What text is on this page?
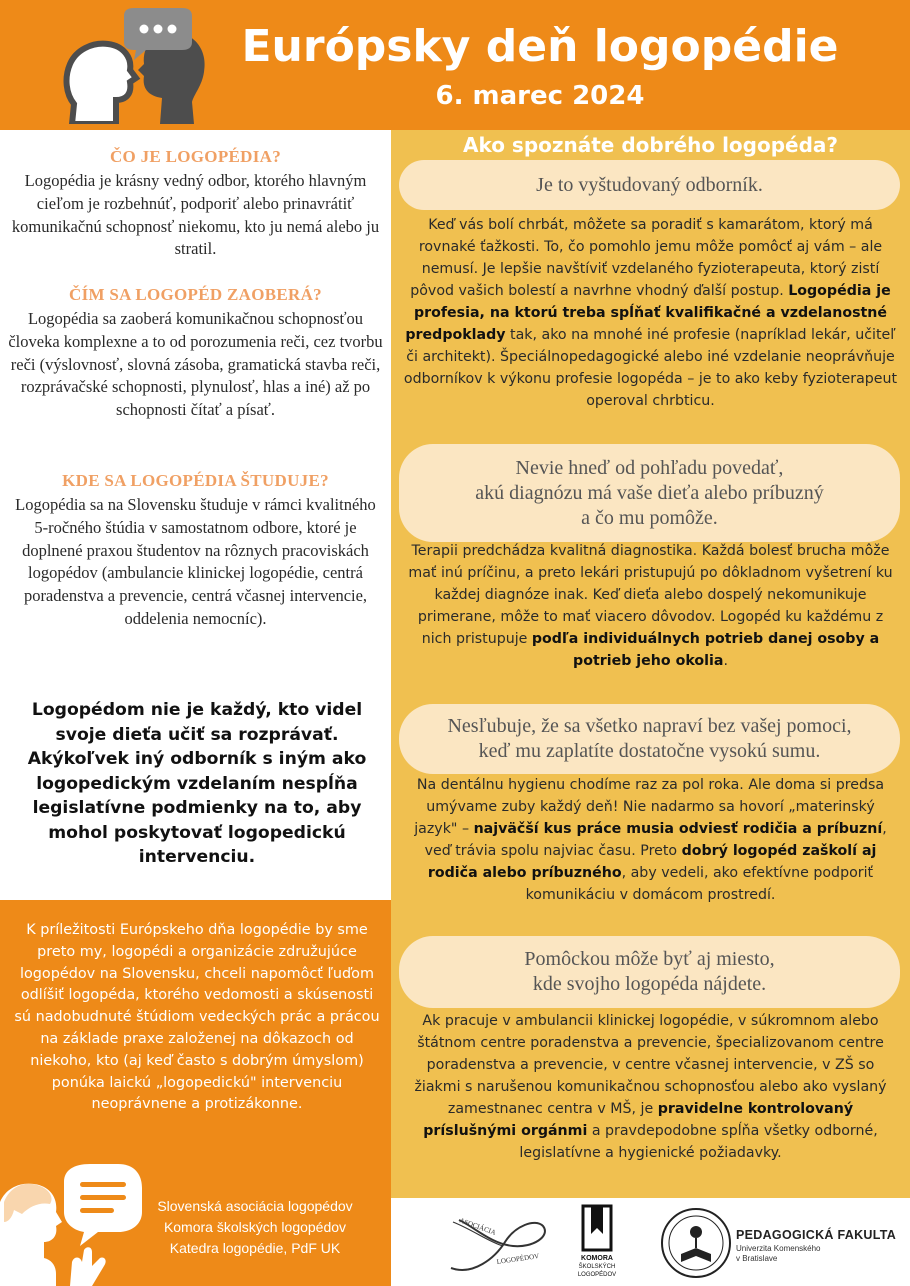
Európsky deň logopédie
6. marec 2024
ČO JE LOGOPÉDIA?

Logopédia je krásny vedný odbor, ktorého hlavným cieľom je rozbehnúť, podporiť alebo prinavrátiť komunikačnú schopnosť niekomu, kto ju nemá alebo ju stratil.

ČÍM SA LOGOPÉD ZAOBERÁ?

Logopédia sa zaoberá komunikačnou schopnosťou človeka komplexne a to od porozumenia reči, cez tvorbu reči (výslovnosť, slovná zásoba, gramatická stavba reči, rozprávačské schopnosti, plynulosť, hlas a iné) až po schopnosti čítať a písať.

KDE SA LOGOPÉDIA ŠTUDUJE?

Logopédia sa na Slovensku študuje v rámci kvalitného 5-ročného štúdia v samostatnom odbore, ktoré je doplnené praxou študentov na rôznych pracoviskách logopédov (ambulancie klinickej logopédie, centrá poradenstva a prevencie, centrá včasnej intervencie, oddelenia nemocníc).

Logopédom nie je každý, kto videl svoje dieťa učiť sa rozprávať. Akýkoľvek iný odborník s iným ako logopedickým vzdelaním nespĺňa legislatívne podmienky na to, aby mohol poskytovať logopedickú intervenciu.

K príležitosti Európskeho dňa logopédie by sme preto my, logopédi a organizácie združujúce logopédov na Slovensku, chceli napomôcť ľuďom odlíšiť logopéda, ktorého vedomosti a skúsenosti sú nadobudnuté štúdiom vedeckých prác a prácou na základe praxe založenej na dôkazoch od niekoho, kto (aj keď často s dobrým úmyslom) ponúka laickú „logopedickú" intervenciu neoprávnene a protizákonne.

Slovenská asociácia logopédov
Komora školských logopédov
Katedra logopédie, PdF UK
Ako spoznáte dobrého logopéda?
Je to vyštudovaný odborník.

Keď vás bolí chrbát, môžete sa poradiť s kamarátom, ktorý má rovnaké ťažkosti. To, čo pomohlo jemu môže pomôcť aj vám – ale nemusí. Je lepšie navštíviť vzdelaného fyzioterapeuta, ktorý zistí pôvod vašich bolestí a navrhne vhodný ďalší postup. Logopédia je profesia, na ktorú treba spĺňať kvalifikačné a vzdelanostné predpoklady tak, ako na mnohé iné profesie (napríklad lekár, učiteľ či architekt). Špeciálnopedagogické alebo iné vzdelanie neoprávňuje odborníkov k výkonu profesie logopéda – je to ako keby fyzioterapeut operoval chrbticu.

Nevie hneď od pohľadu povedať,
akú diagnózu má vaše dieťa alebo príbuzný
a čo mu pomôže.

Terapii predchádza kvalitná diagnostika. Každá bolesť brucha môže mať inú príčinu, a preto lekári pristupujú po dôkladnom vyšetrení ku každej diagnóze inak. Keď dieťa alebo dospelý nekomunikuje primerane, môže to mať viacero dôvodov. Logopéd ku každému z nich pristupuje podľa individuálnych potrieb danej osoby a potrieb jeho okolia.

Nesľubuje, že sa všetko napraví bez vašej pomoci,
keď mu zaplatíte dostatočne vysokú sumu.

Na dentálnu hygienu chodíme raz za pol roka. Ale doma si predsa umývame zuby každý deň! Nie nadarmo sa hovorí „materinský jazyk" – najväčší kus práce musia odviesť rodičia a príbuzní, veď trávia spolu najviac času. Preto dobrý logopéd zaškolí aj rodiča alebo príbuzného, aby vedeli, ako efektívne podporiť komunikáciu v domácom prostredí.

Pomôckou môže byť aj miesto,
kde svojho logopéda nájdete.

Ak pracuje v ambulancii klinickej logopédie, v súkromnom alebo štátnom centre poradenstva a prevencie, špecializovanom centre poradenstva a prevencie, v centre včasnej intervencie, v ZŠ so žiakmi s narušenou komunikačnou schopnosťou alebo ako vyslaný zamestnanec centra v MŠ, je pravidelne kontrolovaný príslušnými orgánmi a pravdepodobne spĺňa všetky odborné, legislatívne a hygienické požiadavky.

ASOCIÁCIA
LOGOPÉDOV	KOMORA
ŠKOLSKÝCH
LOGOPÉDOV
PEDAGOGICKÁ FAKULTA
Univerzita Komenského
v Bratislave
